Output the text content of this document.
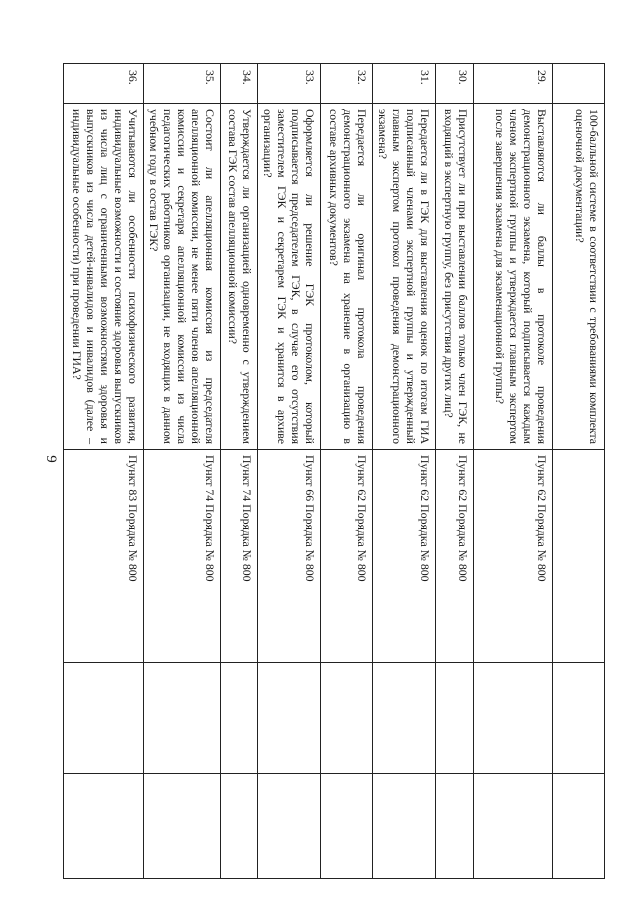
9
	100-балльной системе в соответствии с требованиями комплекта оценочной документации?			
29.	Выставляются ли баллы в протоколе проведения демонстрационного экзамена, который подписывается каждым членом экспертной группы и утверждается главным экспертом после завершения экзамена для экзаменационной группы?	Пункт 62 Порядка № 800		
30.	Присутствует ли при выставлении баллов только член ГЭК, не входящий в экспертную группу, без присутствия других лиц?	Пункт 62 Порядка № 800		
31.	Передается ли в ГЭК для выставления оценок по итогам ГИА подписанный членами экспертной группы и утвержденный главным экспертом протокол проведения демонстрационного экзамена?	Пункт 62 Порядка № 800		
32.	Передается ли оригинал протокола проведения демонстрационного экзамена на хранение в организацию в составе архивных документов?	Пункт 62 Порядка № 800		
33.	Оформляется ли решение ГЭК протоколом, который подписывается председателем ГЭК, в случае его отсутствия заместителем ГЭК и секретарем ГЭК и хранится в архиве организации?	Пункт 66 Порядка № 800		
34.	Утверждается ли организацией одновременно с утверждением состава ГЭК состав апелляционной комиссии?	Пункт 74 Порядка № 800		
35.	Состоит ли апелляционная комиссия из председателя апелляционной комиссии, не менее пяти членов апелляционной комиссии и секретаря апелляционной комиссии из числа педагогических работников организации, не входящих в данном учебном году в состав ГЭК?	Пункт 74 Порядка № 800		
36.	Учитываются ли особенности психофизического развития, индивидуальные возможности и состояние здоровья выпускников из числа лиц с ограниченными возможностями здоровья и выпускников из числа детей-инвалидов и инвалидов (далее – индивидуальные особенности) при проведении ГИА?	Пункт 83 Порядка № 800		
